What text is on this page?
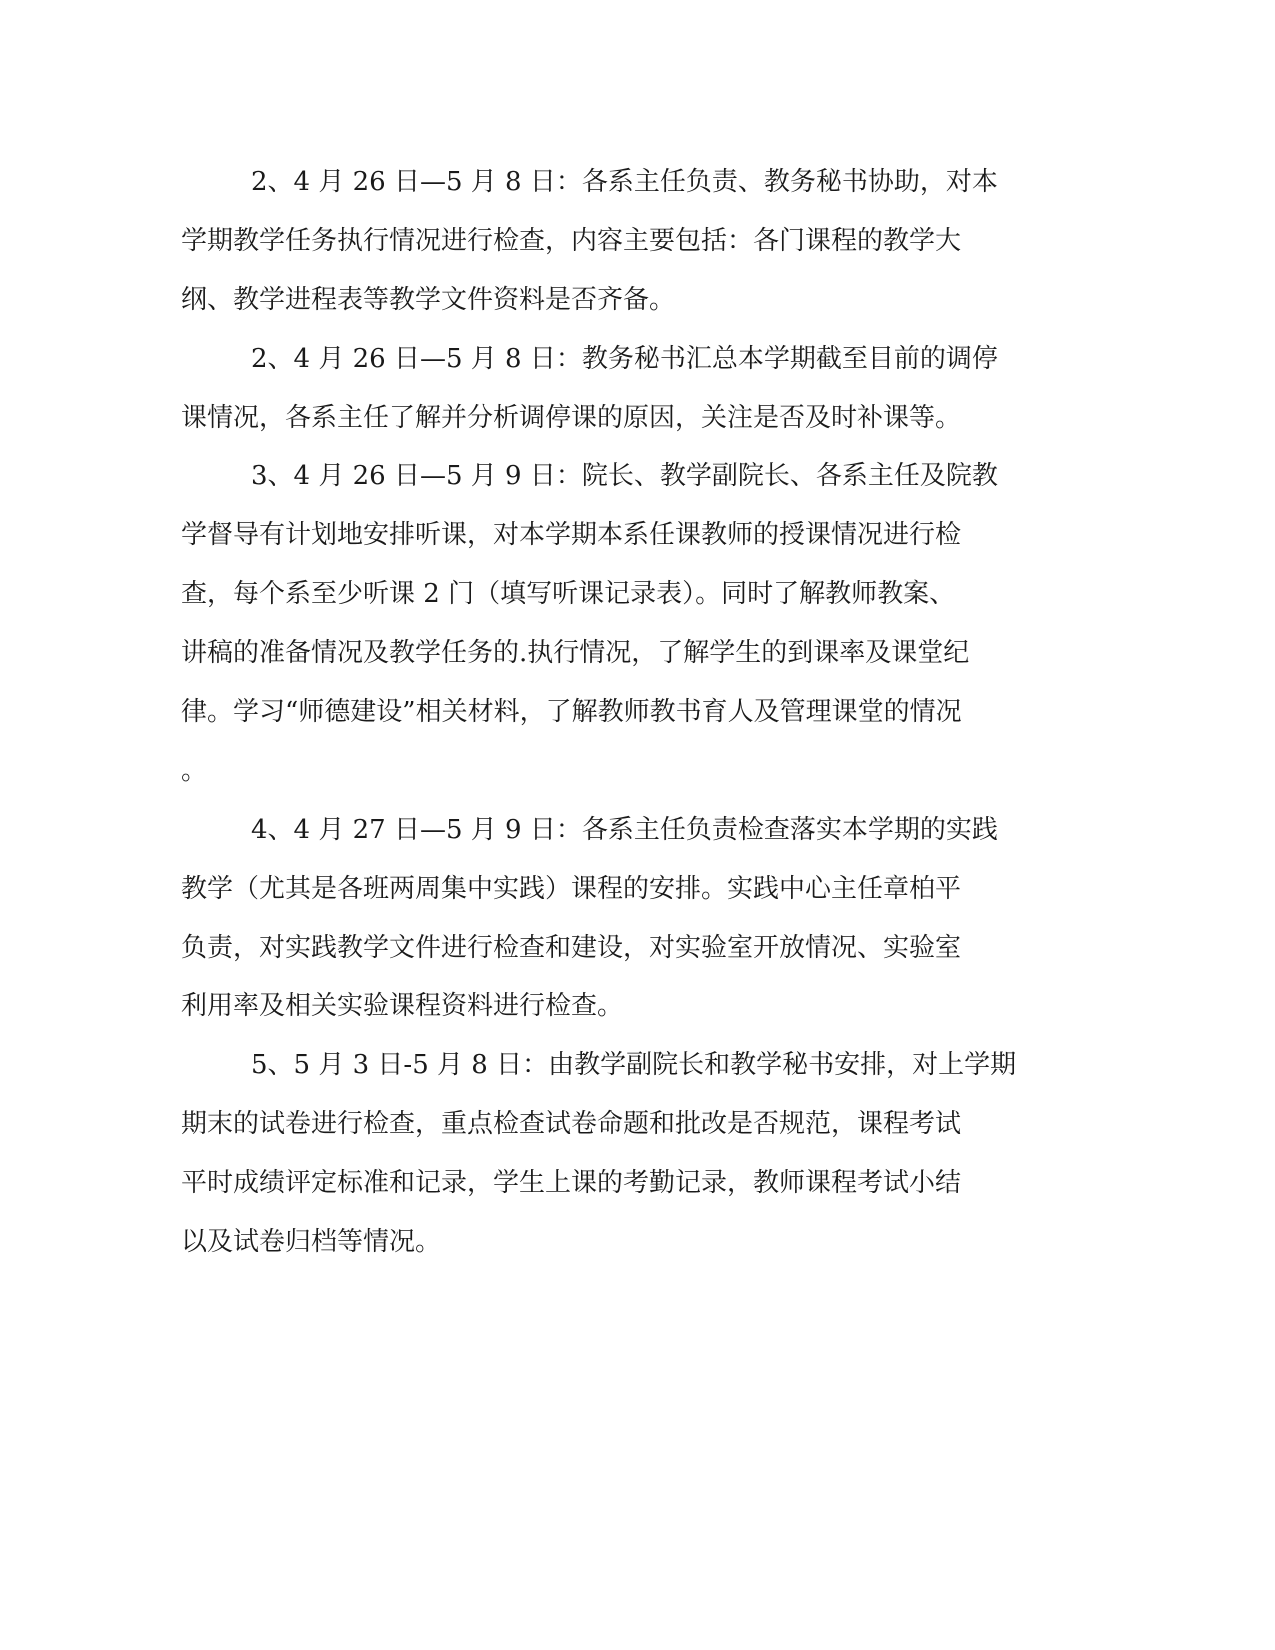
2、4 月 26 日—5 月 8 日：各系主任负责、教务秘书协助，对本
学期教学任务执行情况进行检查，内容主要包括：各门课程的教学大
纲、教学进程表等教学文件资料是否齐备。
2、4 月 26 日—5 月 8 日：教务秘书汇总本学期截至目前的调停
课情况，各系主任了解并分析调停课的原因，关注是否及时补课等。
3、4 月 26 日—5 月 9 日：院长、教学副院长、各系主任及院教
学督导有计划地安排听课，对本学期本系任课教师的授课情况进行检
查，每个系至少听课 2 门（填写听课记录表）。同时了解教师教案、
讲稿的准备情况及教学任务的.执行情况，了解学生的到课率及课堂纪
律。学习“师德建设”相关材料，了解教师教书育人及管理课堂的情况
。
4、4 月 27 日—5 月 9 日：各系主任负责检查落实本学期的实践
教学（尤其是各班两周集中实践）课程的安排。实践中心主任章柏平
负责，对实践教学文件进行检查和建设，对实验室开放情况、实验室
利用率及相关实验课程资料进行检查。
5、5 月 3 日-5 月 8 日：由教学副院长和教学秘书安排，对上学期
期末的试卷进行检查，重点检查试卷命题和批改是否规范，课程考试
平时成绩评定标准和记录，学生上课的考勤记录，教师课程考试小结
以及试卷归档等情况。
